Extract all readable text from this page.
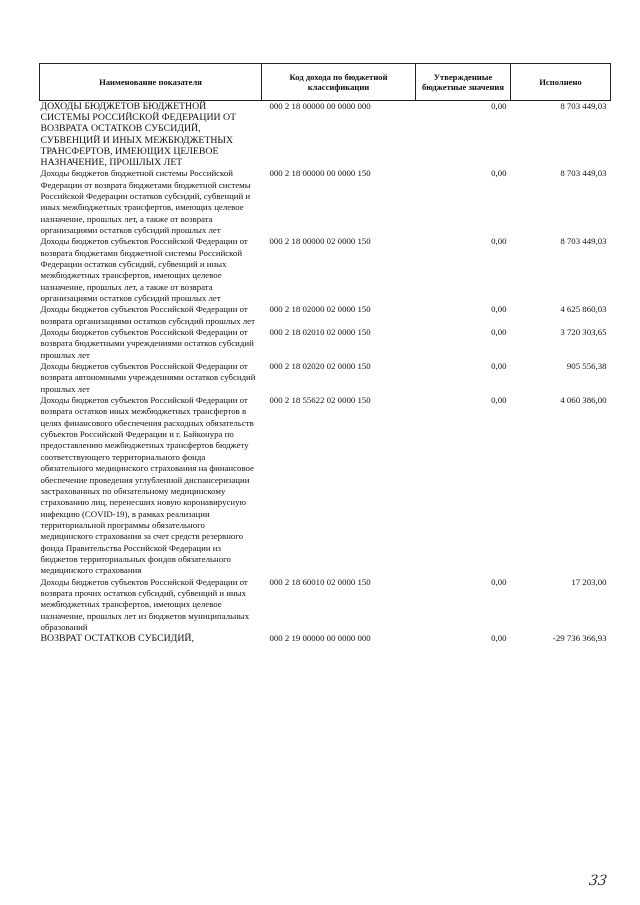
Наименование показателя	Код дохода по бюджетной классификации	Утвержденные бюджетные значения	Исполнено
ДОХОДЫ БЮДЖЕТОВ БЮДЖЕТНОЙ СИСТЕМЫ РОССИЙСКОЙ ФЕДЕРАЦИИ ОТ ВОЗВРАТА ОСТАТКОВ СУБСИДИЙ, СУБВЕНЦИЙ И ИНЫХ МЕЖБЮДЖЕТНЫХ ТРАНСФЕРТОВ, ИМЕЮЩИХ ЦЕЛЕВОЕ НАЗНАЧЕНИЕ, ПРОШЛЫХ ЛЕТ	000 2 18 00000 00 0000 000	0,00	8 703 449,03
Доходы бюджетов бюджетной системы Российской Федерации от возврата бюджетами бюджетной системы Российской Федерации остатков субсидий, субвенций и иных межбюджетных трансфертов, имеющих целевое назначение, прошлых лет, а также от возврата организациями остатков субсидий прошлых лет	000 2 18 00000 00 0000 150	0,00	8 703 449,03
Доходы бюджетов субъектов Российской Федерации от возврата бюджетами бюджетной системы Российской Федерации остатков субсидий, субвенций и иных межбюджетных трансфертов, имеющих целевое назначение, прошлых лет, а также от возврата организациями остатков субсидий прошлых лет	000 2 18 00000 02 0000 150	0,00	8 703 449,03
Доходы бюджетов субъектов Российской Федерации от возврата организациями остатков субсидий прошлых лет	000 2 18 02000 02 0000 150	0,00	4 625 860,03
Доходы бюджетов субъектов Российской Федерации от возврата бюджетными учреждениями остатков субсидий прошлых лет	000 2 18 02010 02 0000 150	0,00	3 720 303,65
Доходы бюджетов субъектов Российской Федерации от возврата автономными учреждениями остатков субсидий прошлых лет	000 2 18 02020 02 0000 150	0,00	905 556,38
Доходы бюджетов субъектов Российской Федерации от возврата остатков иных межбюджетных трансфертов в целях финансового обеспечения расходных обязательств субъектов Российской Федерации и г. Байконура по предоставлению межбюджетных трансфертов бюджету соответствующего территориального фонда обязательного медицинского страхования на финансовое обеспечение проведения углубленной диспансеризации застрахованных по обязательному медицинскому страхованию лиц, перенесших новую коронавирусную инфекцию (COVID-19), в рамках реализации территориальной программы обязательного медицинского страхования за счет средств резервного фонда Правительства Российской Федерации из бюджетов территориальных фондов обязательного медицинского страхования	000 2 18 55622 02 0000 150	0,00	4 060 386,00
Доходы бюджетов субъектов Российской Федерации от возврата прочих остатков субсидий, субвенций и иных межбюджетных трансфертов, имеющих целевое назначение, прошлых лет из бюджетов муниципальных образований	000 2 18 60010 02 0000 150	0,00	17 203,00
ВОЗВРАТ ОСТАТКОВ СУБСИДИЙ,	000 2 19 00000 00 0000 000	0,00	-29 736 366,93
33
